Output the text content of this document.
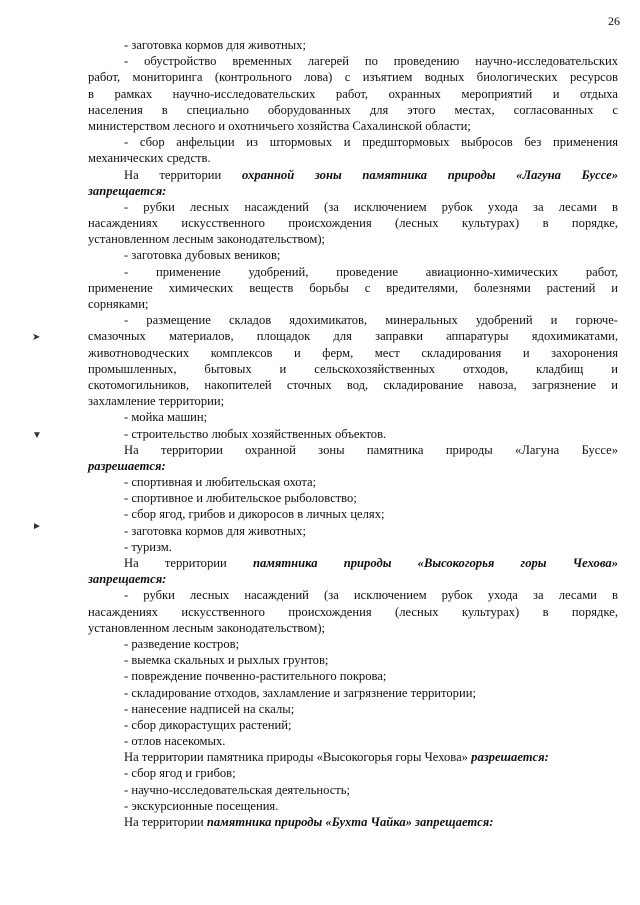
26
➤
▼
►
- заготовка кормов для животных;
- обустройство временных лагерей по проведению научно-исследовательских
работ, мониторинга (контрольного лова) с изъятием водных биологических ресурсов
в рамках научно-исследовательских работ, охранных мероприятий и отдыха
населения в специально оборудованных для этого местах, согласованных с
министерством лесного и охотничьего хозяйства Сахалинской области;
- сбор анфельции из штормовых и предштормовых выбросов без применения
механических средств.
На территории охранной зоны памятника природы «Лагуна Буссе»
запрещается:
- рубки лесных насаждений (за исключением рубок ухода за лесами в
насаждениях искусственного происхождения (лесных культурах) в порядке,
установленном лесным законодательством);
- заготовка дубовых веников;
- применение удобрений, проведение авиационно-химических работ,
применение химических веществ борьбы с вредителями, болезнями растений и
сорняками;
- размещение складов ядохимикатов, минеральных удобрений и горюче-
смазочных материалов, площадок для заправки аппаратуры ядохимикатами,
животноводческих комплексов и ферм, мест складирования и захоронения
промышленных, бытовых и сельскохозяйственных отходов, кладбищ и
скотомогильников, накопителей сточных вод, складирование навоза, загрязнение и
захламление территории;
- мойка машин;
- строительство любых хозяйственных объектов.
На территории охранной зоны памятника природы «Лагуна Буссе»
разрешается:
- спортивная и любительская охота;
- спортивное и любительское рыболовство;
- сбор ягод, грибов и дикоросов в личных целях;
- заготовка кормов для животных;
- туризм.
На территории памятника природы «Высокогорья горы Чехова»
запрещается:
- рубки лесных насаждений (за исключением рубок ухода за лесами в
насаждениях искусственного происхождения (лесных культурах) в порядке,
установленном лесным законодательством);
- разведение костров;
- выемка скальных и рыхлых грунтов;
- повреждение почвенно-растительного покрова;
- складирование отходов, захламление и загрязнение территории;
- нанесение надписей на скалы;
- сбор дикорастущих растений;
- отлов насекомых.
На территории памятника природы «Высокогорья горы Чехова» разрешается:
- сбор ягод и грибов;
- научно-исследовательская деятельность;
- экскурсионные посещения.
На территории памятника природы «Бухта Чайка» запрещается:
